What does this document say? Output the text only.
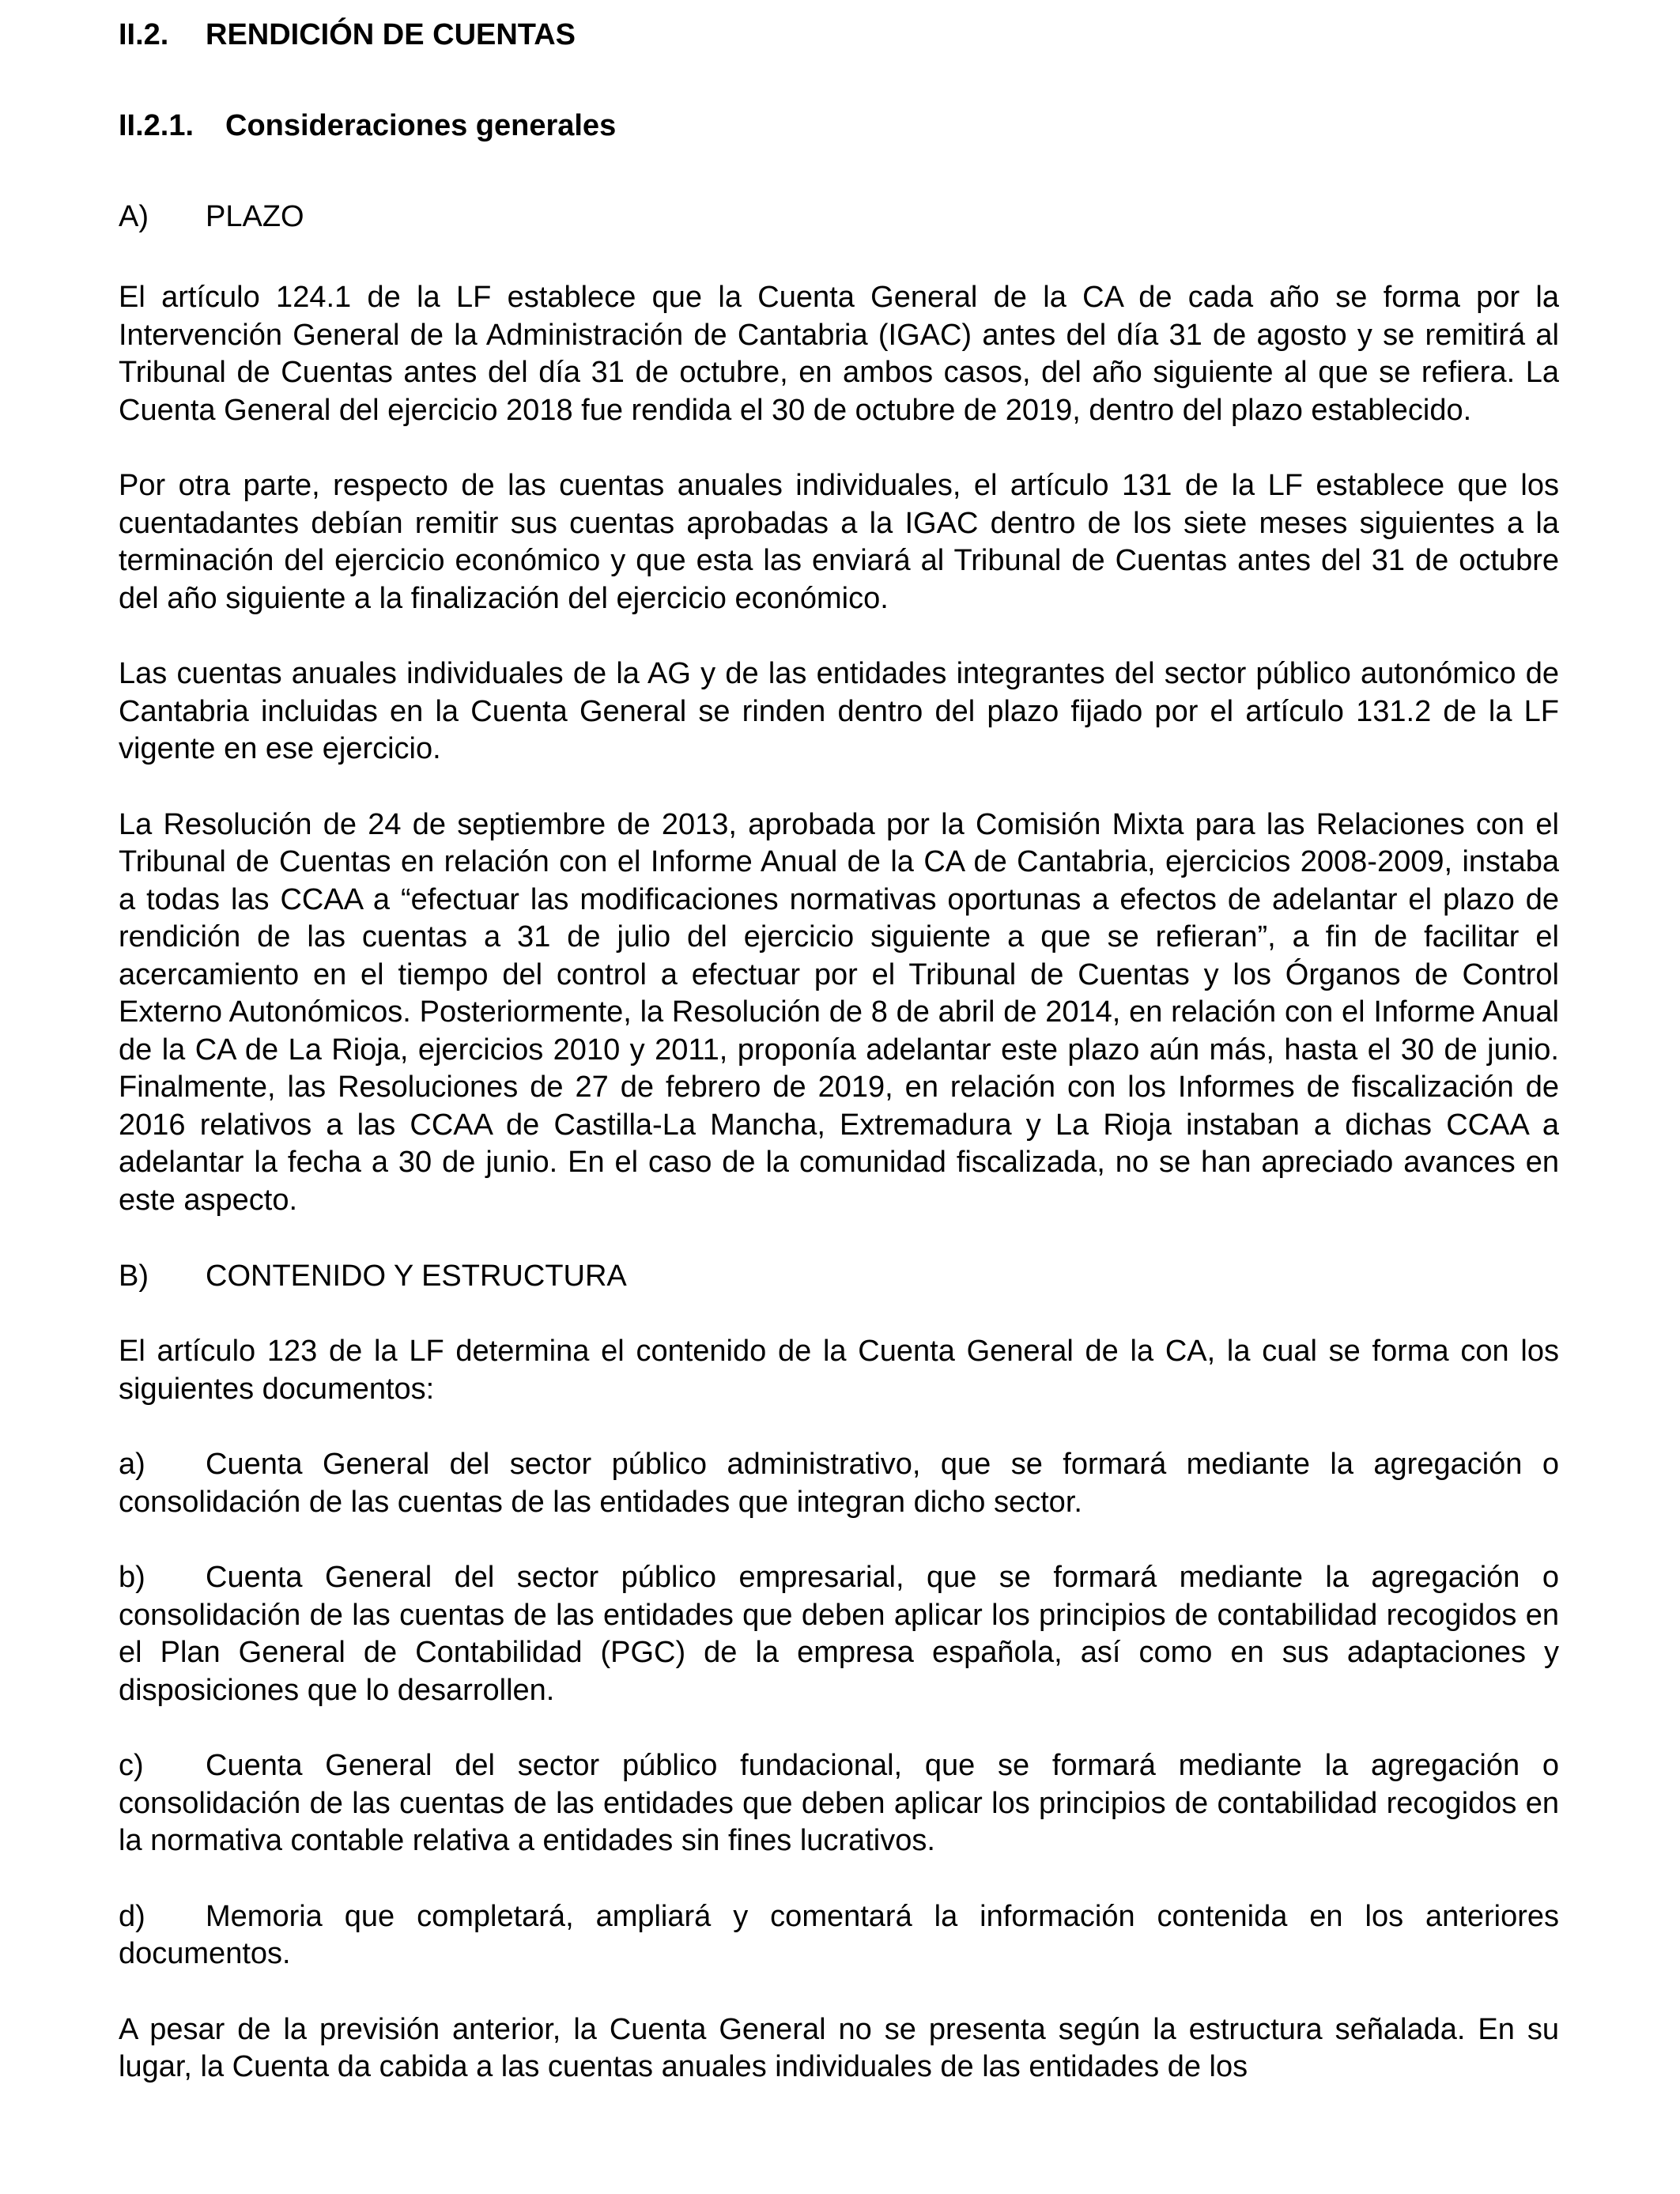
II.2. RENDICIÓN DE CUENTAS
II.2.1. Consideraciones generales
A) PLAZO

El artículo 124.1 de la LF establece que la Cuenta General de la CA de cada año se forma por la Intervención General de la Administración de Cantabria (IGAC) antes del día 31 de agosto y se remitirá al Tribunal de Cuentas antes del día 31 de octubre, en ambos casos, del año siguiente al que se refiera. La Cuenta General del ejercicio 2018 fue rendida el 30 de octubre de 2019, dentro del plazo establecido.

Por otra parte, respecto de las cuentas anuales individuales, el artículo 131 de la LF establece que los cuentadantes debían remitir sus cuentas aprobadas a la IGAC dentro de los siete meses siguientes a la terminación del ejercicio económico y que esta las enviará al Tribunal de Cuentas antes del 31 de octubre del año siguiente a la finalización del ejercicio económico.

Las cuentas anuales individuales de la AG y de las entidades integrantes del sector público autonómico de Cantabria incluidas en la Cuenta General se rinden dentro del plazo fijado por el artículo 131.2 de la LF vigente en ese ejercicio.

La Resolución de 24 de septiembre de 2013, aprobada por la Comisión Mixta para las Relaciones con el Tribunal de Cuentas en relación con el Informe Anual de la CA de Cantabria, ejercicios 2008-2009, instaba a todas las CCAA a “efectuar las modificaciones normativas oportunas a efectos de adelantar el plazo de rendición de las cuentas a 31 de julio del ejercicio siguiente a que se refieran”, a fin de facilitar el acercamiento en el tiempo del control a efectuar por el Tribunal de Cuentas y los Órganos de Control Externo Autonómicos. Posteriormente, la Resolución de 8 de abril de 2014, en relación con el Informe Anual de la CA de La Rioja, ejercicios 2010 y 2011, proponía adelantar este plazo aún más, hasta el 30 de junio. Finalmente, las Resoluciones de 27 de febrero de 2019, en relación con los Informes de fiscalización de 2016 relativos a las CCAA de Castilla-La Mancha, Extremadura y La Rioja instaban a dichas CCAA a adelantar la fecha a 30 de junio. En el caso de la comunidad fiscalizada, no se han apreciado avances en este aspecto.

B) CONTENIDO Y ESTRUCTURA

El artículo 123 de la LF determina el contenido de la Cuenta General de la CA, la cual se forma con los siguientes documentos:

a) Cuenta General del sector público administrativo, que se formará mediante la agregación o consolidación de las cuentas de las entidades que integran dicho sector.

b) Cuenta General del sector público empresarial, que se formará mediante la agregación o consolidación de las cuentas de las entidades que deben aplicar los principios de contabilidad recogidos en el Plan General de Contabilidad (PGC) de la empresa española, así como en sus adaptaciones y disposiciones que lo desarrollen.

c) Cuenta General del sector público fundacional, que se formará mediante la agregación o consolidación de las cuentas de las entidades que deben aplicar los principios de contabilidad recogidos en la normativa contable relativa a entidades sin fines lucrativos.

d) Memoria que completará, ampliará y comentará la información contenida en los anteriores documentos.

A pesar de la previsión anterior, la Cuenta General no se presenta según la estructura señalada. En su lugar, la Cuenta da cabida a las cuentas anuales individuales de las entidades de los
